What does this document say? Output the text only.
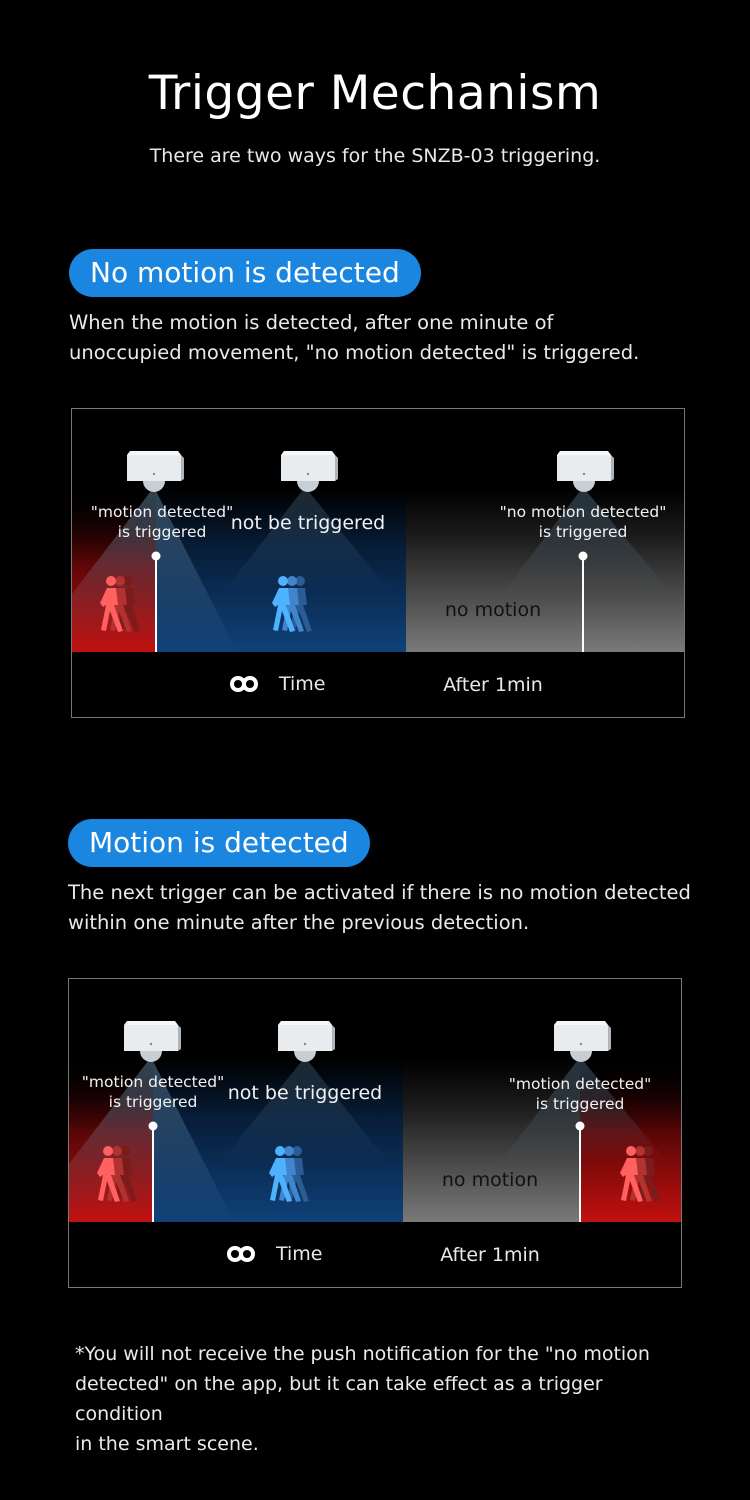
Trigger Mechanism
There are two ways for the SNZB-03 triggering.
No motion is detected
When the motion is detected, after one minute of
unoccupied movement, "no motion detected" is triggered.
"motion detected"
is triggered not be triggered	"no motion detected"
is triggered
no motion
Time	After 1min
Motion is detected
The next trigger can be activated if there is no motion detected
within one minute after the previous detection.
"motion detected"
is triggered not be triggered	"motion detected"
is triggered
no motion
Time	After 1min
*You will not receive the push notification for the "no motion
detected" on the app, but it can take effect as a trigger condition
in the smart scene.
